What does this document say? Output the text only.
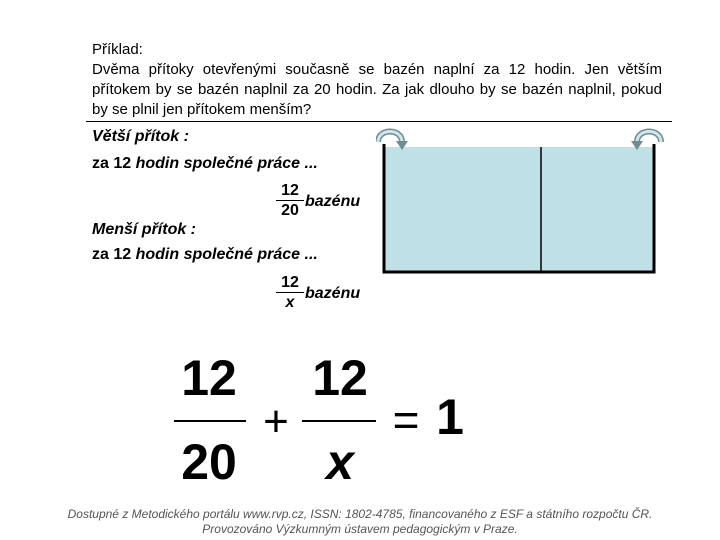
Příklad:
Dvěma přítoky otevřenými současně se bazén naplní za 12 hodin. Jen větším přítokem by se bazén naplnil za 20 hodin. Za jak dlouho by se bazén naplnil, pokud by se plnil jen přítokem menším?
Větší přítok :
za 12 hodin společné práce ...
12
20
bazénu
Menší přítok :
za 12 hodin společné práce ...
12
x
bazénu
12
20
+
12
x
= 1
Dostupné z Metodického portálu www.rvp.cz, ISSN: 1802-4785, financovaného z ESF a státního rozpočtu ČR.
Provozováno Výzkumným ústavem pedagogickým v Praze.
